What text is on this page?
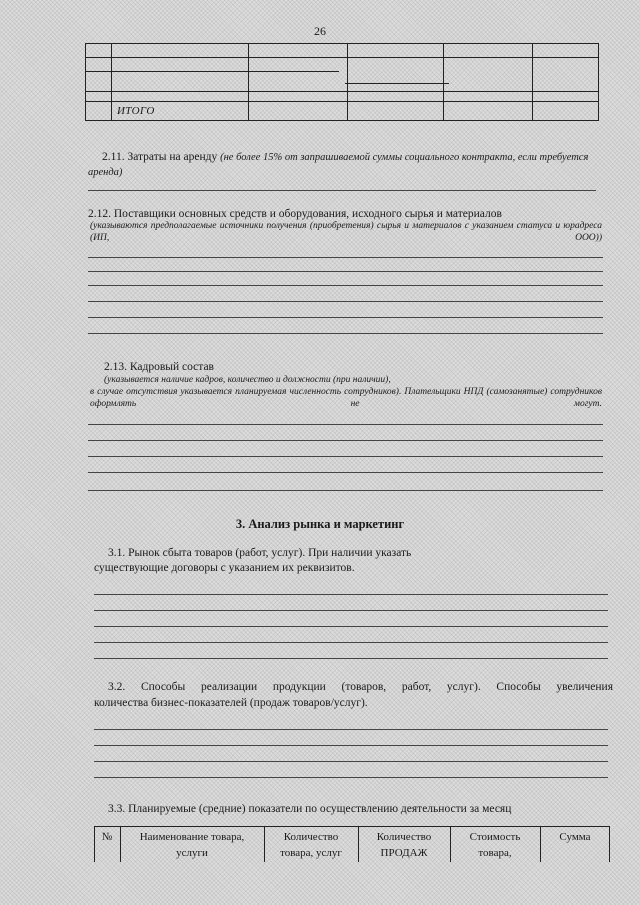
26
ИТОГО
2.11. Затраты на аренду (не более 15% от запрашиваемой суммы социального контракта, если требуется аренда)
2.12. Поставщики основных средств и оборудования, исходного сырья и материалов
(указываются предполагаемые источники получения (приобретения) сырья и материалов с указанием статуса и юрадреса (ИП, ООО))
2.13. Кадровый состав
(указывается наличие кадров, количество и должности (при наличии),
в случае отсутствия указывается планируемая численность сотрудников). Плательщики НПД (самозанятые) сотрудников оформлять не могут.
3. Анализ рынка и маркетинг
3.1. Рынок сбыта товаров (работ, услуг). При наличии указать
существующие договоры с указанием их реквизитов.
3.2. Способы реализации продукции (товаров, работ, услуг). Способы увеличения
количества бизнес-показателей (продаж товаров/услуг).
3.3. Планируемые (средние) показатели по осуществлению деятельности за месяц
№	Наименование товара,
услуги
Количество
товара, услуг
Количество
ПРОДАЖ
Стоимость
товара,
Сумма
